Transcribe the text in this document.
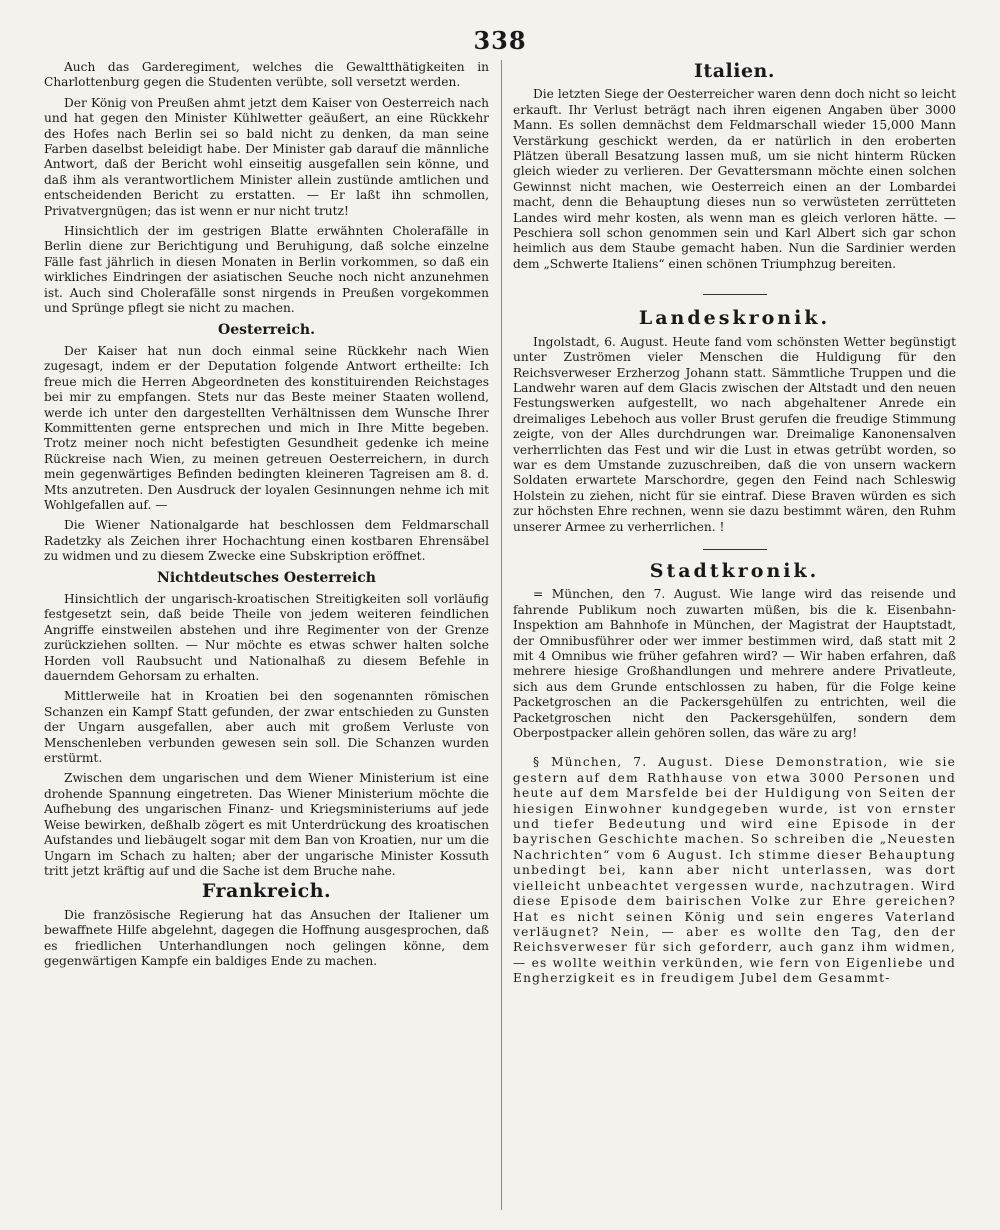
338

Auch das Garderegiment, welches die Gewaltthätigkeiten in Charlottenburg gegen die Studenten verübte, soll versetzt werden.

Der König von Preußen ahmt jetzt dem Kaiser von Oesterreich nach und hat gegen den Minister Kühlwetter geäußert, an eine Rückkehr des Hofes nach Berlin sei so bald nicht zu denken, da man seine Farben daselbst beleidigt habe. Der Minister gab darauf die männliche Antwort, daß der Bericht wohl einseitig ausgefallen sein könne, und daß ihm als verantwortlichem Minister allein zustünde amtlichen und entscheidenden Bericht zu erstatten. — Er laßt ihn schmollen, Privatvergnügen; das ist wenn er nur nicht trutz!

Hinsichtlich der im gestrigen Blatte erwähnten Cholerafälle in Berlin diene zur Berichtigung und Beruhigung, daß solche einzelne Fälle fast jährlich in diesen Monaten in Berlin vorkommen, so daß ein wirkliches Eindringen der asiatischen Seuche noch nicht anzunehmen ist. Auch sind Cholerafälle sonst nirgends in Preußen vorgekommen und Sprünge pflegt sie nicht zu machen.

Oesterreich.

Der Kaiser hat nun doch einmal seine Rückkehr nach Wien zugesagt, indem er der Deputation folgende Antwort ertheilte: Ich freue mich die Herren Abgeordneten des konstituirenden Reichstages bei mir zu empfangen. Stets nur das Beste meiner Staaten wollend, werde ich unter den dargestellten Verhältnissen dem Wunsche Ihrer Kommittenten gerne entsprechen und mich in Ihre Mitte begeben. Trotz meiner noch nicht befestigten Gesundheit gedenke ich meine Rückreise nach Wien, zu meinen getreuen Oesterreichern, in durch mein gegenwärtiges Befinden bedingten kleineren Tagreisen am 8. d. Mts anzutreten. Den Ausdruck der loyalen Gesinnungen nehme ich mit Wohlgefallen auf. —

Die Wiener Nationalgarde hat beschlossen dem Feldmarschall Radetzky als Zeichen ihrer Hochachtung einen kostbaren Ehrensäbel zu widmen und zu diesem Zwecke eine Subskription eröffnet.

Nichtdeutsches Oesterreich

Hinsichtlich der ungarisch-kroatischen Streitigkeiten soll vorläufig festgesetzt sein, daß beide Theile von jedem weiteren feindlichen Angriffe einstweilen abstehen und ihre Regimenter von der Grenze zurückziehen sollten. — Nur möchte es etwas schwer halten solche Horden voll Raubsucht und Nationalhaß zu diesem Befehle in dauerndem Gehorsam zu erhalten.

Mittlerweile hat in Kroatien bei den sogenannten römischen Schanzen ein Kampf Statt gefunden, der zwar entschieden zu Gunsten der Ungarn ausgefallen, aber auch mit großem Verluste von Menschenleben verbunden gewesen sein soll. Die Schanzen wurden erstürmt.

Zwischen dem ungarischen und dem Wiener Ministerium ist eine drohende Spannung eingetreten. Das Wiener Ministerium möchte die Aufhebung des ungarischen Finanz- und Kriegsministeriums auf jede Weise bewirken, deßhalb zögert es mit Unterdrückung des kroatischen Aufstandes und liebäugelt sogar mit dem Ban von Kroatien, nur um die Ungarn im Schach zu halten; aber der ungarische Minister Kossuth tritt jetzt kräftig auf und die Sache ist dem Bruche nahe.

Frankreich.

Die französische Regierung hat das Ansuchen der Italiener um bewaffnete Hilfe abgelehnt, dagegen die Hoffnung ausgesprochen, daß es friedlichen Unterhandlungen noch gelingen könne, dem gegenwärtigen Kampfe ein baldiges Ende zu machen.

Italien.

Die letzten Siege der Oesterreicher waren denn doch nicht so leicht erkauft. Ihr Verlust beträgt nach ihren eigenen Angaben über 3000 Mann. Es sollen demnächst dem Feldmarschall wieder 15,000 Mann Verstärkung geschickt werden, da er natürlich in den eroberten Plätzen überall Besatzung lassen muß, um sie nicht hinterm Rücken gleich wieder zu verlieren. Der Gevattersmann möchte einen solchen Gewinnst nicht machen, wie Oesterreich einen an der Lombardei macht, denn die Behauptung dieses nun so verwüsteten zerrütteten Landes wird mehr kosten, als wenn man es gleich verloren hätte. — Peschiera soll schon genommen sein und Karl Albert sich gar schon heimlich aus dem Staube gemacht haben. Nun die Sardinier werden dem „Schwerte Italiens“ einen schönen Triumphzug bereiten.

Landeskronik.

Ingolstadt, 6. August. Heute fand vom schönsten Wetter begünstigt unter Zuströmen vieler Menschen die Huldigung für den Reichsverweser Erzherzog Johann statt. Sämmtliche Truppen und die Landwehr waren auf dem Glacis zwischen der Altstadt und den neuen Festungswerken aufgestellt, wo nach abgehaltener Anrede ein dreimaliges Lebehoch aus voller Brust gerufen die freudige Stimmung zeigte, von der Alles durchdrungen war. Dreimalige Kanonensalven verherrlichten das Fest und wir die Lust in etwas getrübt worden, so war es dem Umstande zuzuschreiben, daß die von unsern wackern Soldaten erwartete Marschordre, gegen den Feind nach Schleswig Holstein zu ziehen, nicht für sie eintraf. Diese Braven würden es sich zur höchsten Ehre rechnen, wenn sie dazu bestimmt wären, den Ruhm unserer Armee zu verherrlichen. !

Stadtkronik.

= München, den 7. August. Wie lange wird das reisende und fahrende Publikum noch zuwarten müßen, bis die k. Eisenbahn-Inspektion am Bahnhofe in München, der Magistrat der Hauptstadt, der Omnibusführer oder wer immer bestimmen wird, daß statt mit 2 mit 4 Omnibus wie früher gefahren wird? — Wir haben erfahren, daß mehrere hiesige Großhandlungen und mehrere andere Privatleute, sich aus dem Grunde entschlossen zu haben, für die Folge keine Packetgroschen an die Packersgehülfen zu entrichten, weil die Packetgroschen nicht den Packersgehülfen, sondern dem Oberpostpacker allein gehören sollen, das wäre zu arg!

§ München, 7. August. Diese Demonstration, wie sie gestern auf dem Rathhause von etwa 3000 Personen und heute auf dem Marsfelde bei der Huldigung von Seiten der hiesigen Einwohner kundgegeben wurde, ist von ernster und tiefer Bedeutung und wird eine Episode in der bayrischen Geschichte machen. So schreiben die „Neuesten Nachrichten“ vom 6 August. Ich stimme dieser Behauptung unbedingt bei, kann aber nicht unterlassen, was dort vielleicht unbeachtet vergessen wurde, nachzutragen. Wird diese Episode dem bairischen Volke zur Ehre gereichen? Hat es nicht seinen König und sein engeres Vaterland verläugnet? Nein, — aber es wollte den Tag, den der Reichsverweser für sich geforderr, auch ganz ihm widmen, — es wollte weithin verkünden, wie fern von Eigenliebe und Engherzigkeit es in freudigem Jubel dem Gesammt-
